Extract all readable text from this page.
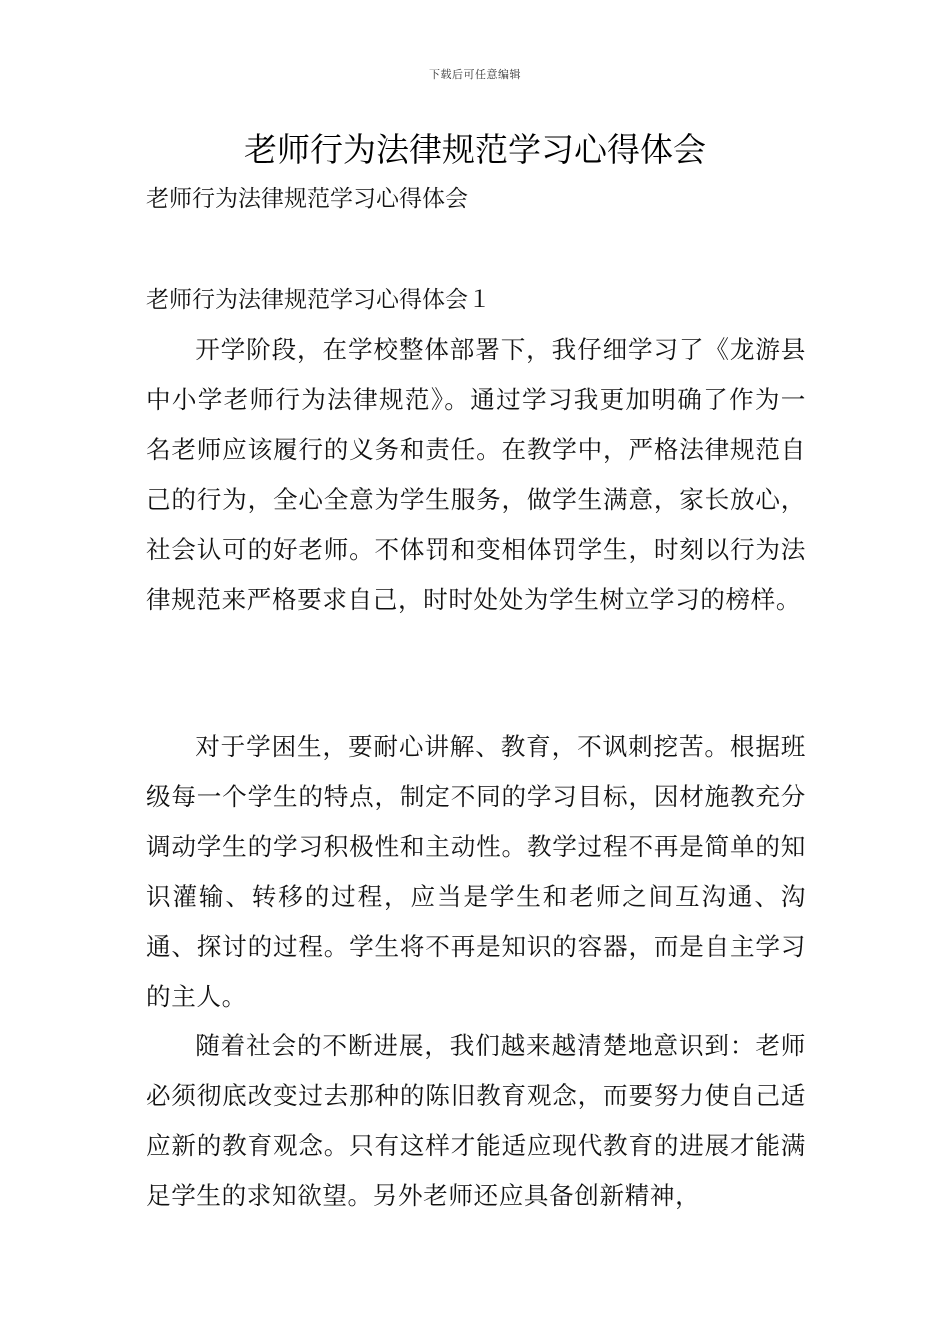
下载后可任意编辑
老师行为法律规范学习心得体会

老师行为法律规范学习心得体会

老师行为法律规范学习心得体会１

开学阶段，在学校整体部署下，我仔细学习了《龙游县中小学老师行为法律规范》。通过学习我更加明确了作为一名老师应该履行的义务和责任。在教学中，严格法律规范自己的行为，全心全意为学生服务，做学生满意，家长放心，社会认可的好老师。不体罚和变相体罚学生，时刻以行为法律规范来严格要求自己，时时处处为学生树立学习的榜样。

对于学困生，要耐心讲解、教育，不讽刺挖苦。根据班级每一个学生的特点，制定不同的学习目标，因材施教充分调动学生的学习积极性和主动性。教学过程不再是简单的知识灌输、转移的过程，应当是学生和老师之间互沟通、沟通、探讨的过程。学生将不再是知识的容器，而是自主学习的主人。

随着社会的不断进展，我们越来越清楚地意识到：老师必须彻底改变过去那种的陈旧教育观念，而要努力使自己适应新的教育观念。只有这样才能适应现代教育的进展才能满足学生的求知欲望。另外老师还应具备创新精神，
